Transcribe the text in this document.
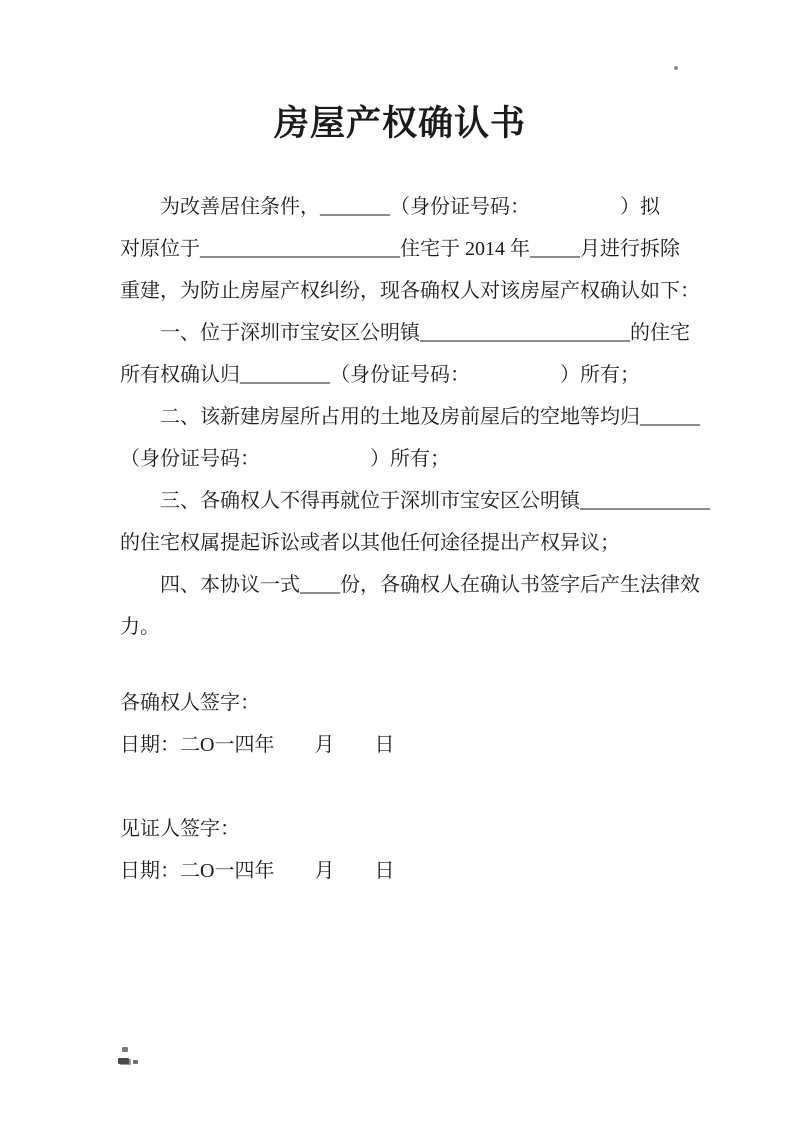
房屋产权确认书
为改善居住条件，_______（身份证号码：　　　　　）拟
对原位于____________________住宅于 2014 年_____月进行拆除
重建，为防止房屋产权纠纷，现各确权人对该房屋产权确认如下：
一、位于深圳市宝安区公明镇_____________________的住宅
所有权确认归_________（身份证号码：　　　　　）所有；
二、该新建房屋所占用的土地及房前屋后的空地等均归______
（身份证号码：　　　　　　）所有；
三、各确权人不得再就位于深圳市宝安区公明镇_____________
的住宅权属提起诉讼或者以其他任何途径提出产权异议；
四、本协议一式____份，各确权人在确认书签字后产生法律效
力。
各确权人签字：
日期：二O一四年　　月　　日
见证人签字：
日期：二O一四年　　月　　日
